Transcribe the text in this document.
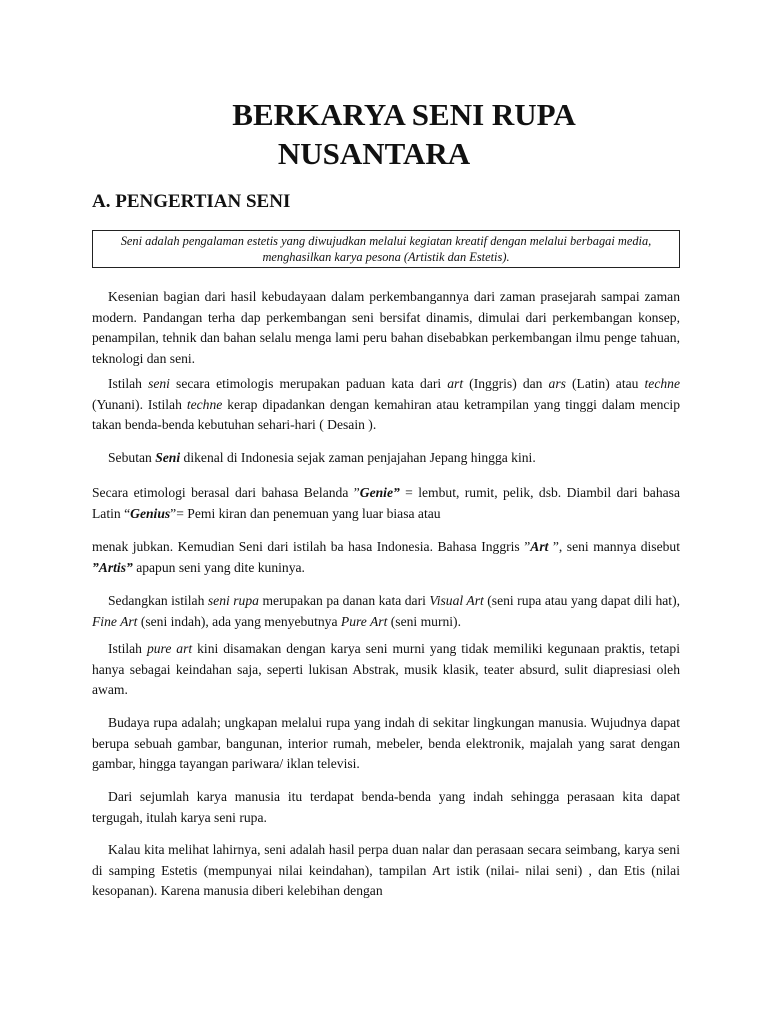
BERKARYA SENI RUPA
NUSANTARA
A. PENGERTIAN SENI
Seni adalah pengalaman estetis yang diwujudkan melalui kegiatan kreatif dengan melalui berbagai media, menghasilkan karya pesona (Artistik dan Estetis).

Kesenian bagian dari hasil kebudayaan dalam perkembangannya dari zaman prasejarah sampai zaman modern. Pandangan terha dap perkembangan seni bersifat dinamis, dimulai dari perkembangan konsep, penampilan, tehnik dan bahan selalu menga lami peru bahan disebabkan perkembangan ilmu penge tahuan, teknologi dan seni.

Istilah seni secara etimologis merupakan paduan kata dari art (Inggris) dan ars (Latin) atau techne (Yunani). Istilah techne kerap dipadankan dengan kemahiran atau ketrampilan yang tinggi dalam mencip takan benda-benda kebutuhan sehari-hari ( Desain ).

Sebutan Seni dikenal di Indonesia sejak zaman penjajahan Jepang hingga kini.

Secara etimologi berasal dari bahasa Belanda ”Genie” = lembut, rumit, pelik, dsb. Diambil dari bahasa Latin “Genius”= Pemi kiran dan penemuan yang luar biasa atau

menak jubkan. Kemudian Seni dari istilah ba hasa Indonesia. Bahasa Inggris ”Art ”, seni mannya disebut ”Artis” apapun seni yang dite kuninya.

Sedangkan istilah seni rupa merupakan pa danan kata dari Visual Art (seni rupa atau yang dapat dili hat), Fine Art (seni indah), ada yang menyebutnya Pure Art (seni murni).

Istilah pure art kini disamakan dengan karya seni murni yang tidak memiliki kegunaan praktis, tetapi hanya sebagai keindahan saja, seperti lukisan Abstrak, musik klasik, teater absurd, sulit diapresiasi oleh awam.

Budaya rupa adalah; ungkapan melalui rupa yang indah di sekitar lingkungan manusia. Wujudnya dapat berupa sebuah gambar, bangunan, interior rumah, mebeler, benda elektronik, majalah yang sarat dengan gambar, hingga tayangan pariwara/ iklan televisi.

Dari sejumlah karya manusia itu terdapat benda-benda yang indah sehingga perasaan kita dapat tergugah, itulah karya seni rupa.

Kalau kita melihat lahirnya, seni adalah hasil perpa duan nalar dan perasaan secara seimbang, karya seni di samping Estetis (mempunyai nilai keindahan), tampilan Art istik (nilai- nilai seni) , dan Etis (nilai kesopanan). Karena manusia diberi kelebihan dengan
